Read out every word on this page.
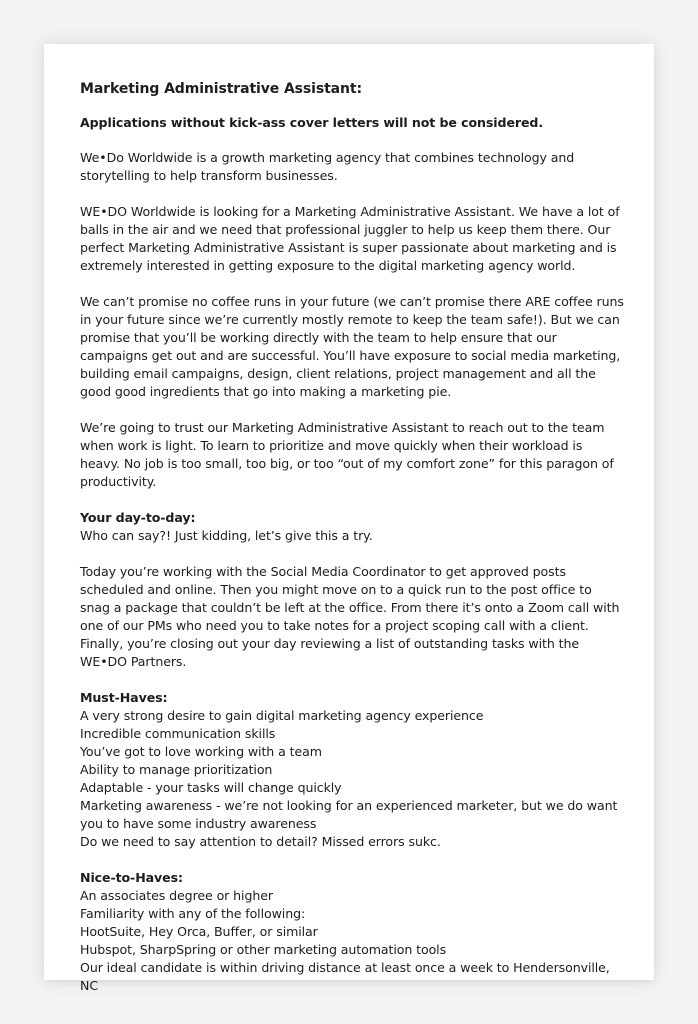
Marketing Administrative Assistant:
Applications without kick-ass cover letters will not be considered.

We•Do Worldwide is a growth marketing agency that combines technology and storytelling to help transform businesses.

WE•DO Worldwide is looking for a Marketing Administrative Assistant. We have a lot of balls in the air and we need that professional juggler to help us keep them there. Our perfect Marketing Administrative Assistant is super passionate about marketing and is extremely interested in getting exposure to the digital marketing agency world.

We can’t promise no coffee runs in your future (we can’t promise there ARE coffee runs in your future since we’re currently mostly remote to keep the team safe!). But we can promise that you’ll be working directly with the team to help ensure that our campaigns get out and are successful. You’ll have exposure to social media marketing, building email campaigns, design, client relations, project management and all the good good ingredients that go into making a marketing pie.

We’re going to trust our Marketing Administrative Assistant to reach out to the team when work is light. To learn to prioritize and move quickly when their workload is heavy. No job is too small, too big, or too “out of my comfort zone” for this paragon of productivity.

Your day-to-day:
Who can say?! Just kidding, let’s give this a try.

Today you’re working with the Social Media Coordinator to get approved posts scheduled and online. Then you might move on to a quick run to the post office to snag a package that couldn’t be left at the office. From there it’s onto a Zoom call with one of our PMs who need you to take notes for a project scoping call with a client. Finally, you’re closing out your day reviewing a list of outstanding tasks with the WE•DO Partners.

Must-Haves:
A very strong desire to gain digital marketing agency experience
Incredible communication skills
You’ve got to love working with a team
Ability to manage prioritization
Adaptable - your tasks will change quickly
Marketing awareness - we’re not looking for an experienced marketer, but we do want you to have some industry awareness
Do we need to say attention to detail? Missed errors sukc.
Nice-to-Haves:
An associates degree or higher
Familiarity with any of the following:
HootSuite, Hey Orca, Buffer, or similar
Hubspot, SharpSpring or other marketing automation tools
Our ideal candidate is within driving distance at least once a week to Hendersonville, NC
